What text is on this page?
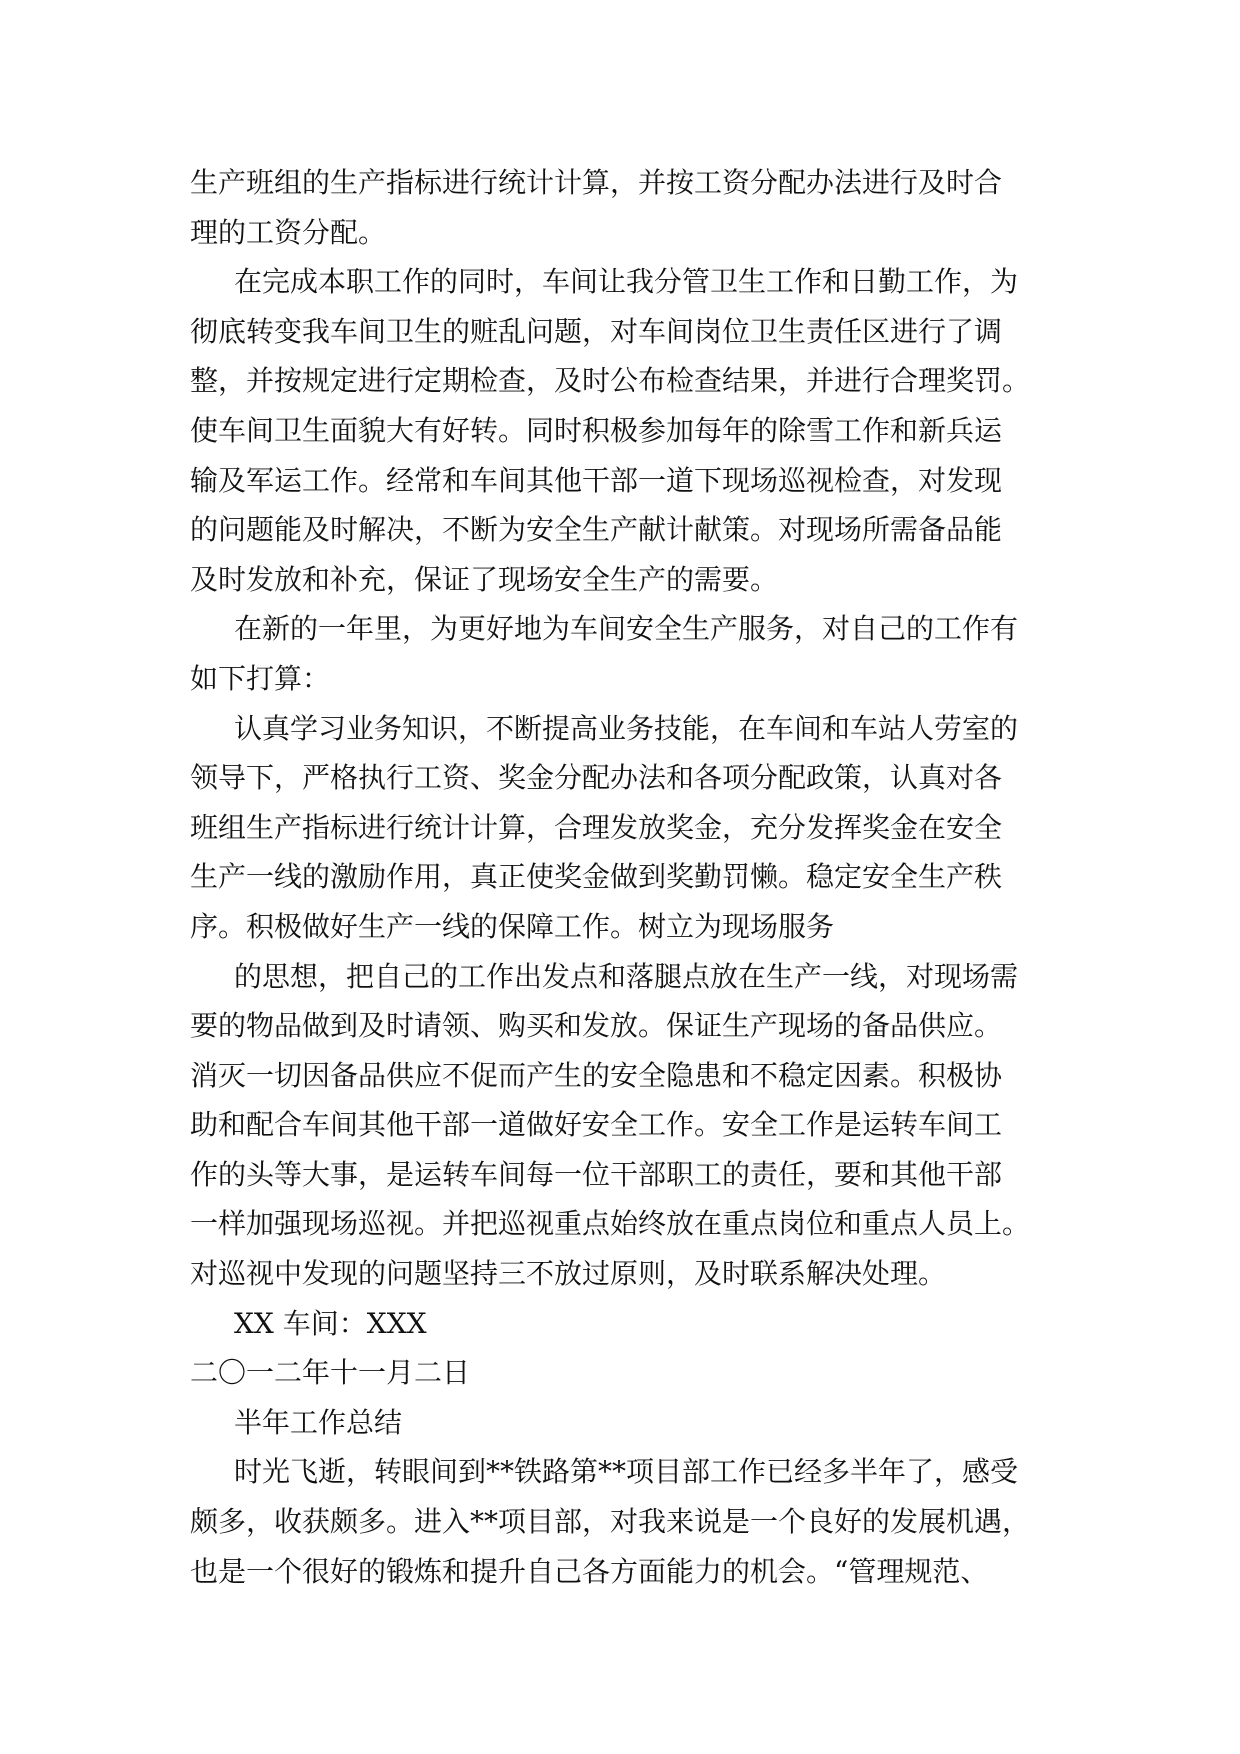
生产班组的生产指标进行统计计算，并按工资分配办法进行及时合
理的工资分配。
在完成本职工作的同时，车间让我分管卫生工作和日勤工作，为
彻底转变我车间卫生的赃乱问题，对车间岗位卫生责任区进行了调
整，并按规定进行定期检查，及时公布检查结果，并进行合理奖罚。
使车间卫生面貌大有好转。同时积极参加每年的除雪工作和新兵运
输及军运工作。经常和车间其他干部一道下现场巡视检查，对发现
的问题能及时解决，不断为安全生产献计献策。对现场所需备品能
及时发放和补充，保证了现场安全生产的需要。
在新的一年里，为更好地为车间安全生产服务，对自己的工作有
如下打算：
认真学习业务知识，不断提高业务技能，在车间和车站人劳室的
领导下，严格执行工资、奖金分配办法和各项分配政策，认真对各
班组生产指标进行统计计算，合理发放奖金，充分发挥奖金在安全
生产一线的激励作用，真正使奖金做到奖勤罚懒。稳定安全生产秩
序。积极做好生产一线的保障工作。树立为现场服务
的思想，把自己的工作出发点和落腿点放在生产一线，对现场需
要的物品做到及时请领、购买和发放。保证生产现场的备品供应。
消灭一切因备品供应不促而产生的安全隐患和不稳定因素。积极协
助和配合车间其他干部一道做好安全工作。安全工作是运转车间工
作的头等大事，是运转车间每一位干部职工的责任，要和其他干部
一样加强现场巡视。并把巡视重点始终放在重点岗位和重点人员上。
对巡视中发现的问题坚持三不放过原则，及时联系解决处理。
XX 车间：XXX
二〇一二年十一月二日
半年工作总结
时光飞逝，转眼间到**铁路第**项目部工作已经多半年了，感受
颇多，收获颇多。进入**项目部，对我来说是一个良好的发展机遇，
也是一个很好的锻炼和提升自己各方面能力的机会。“管理规范、
